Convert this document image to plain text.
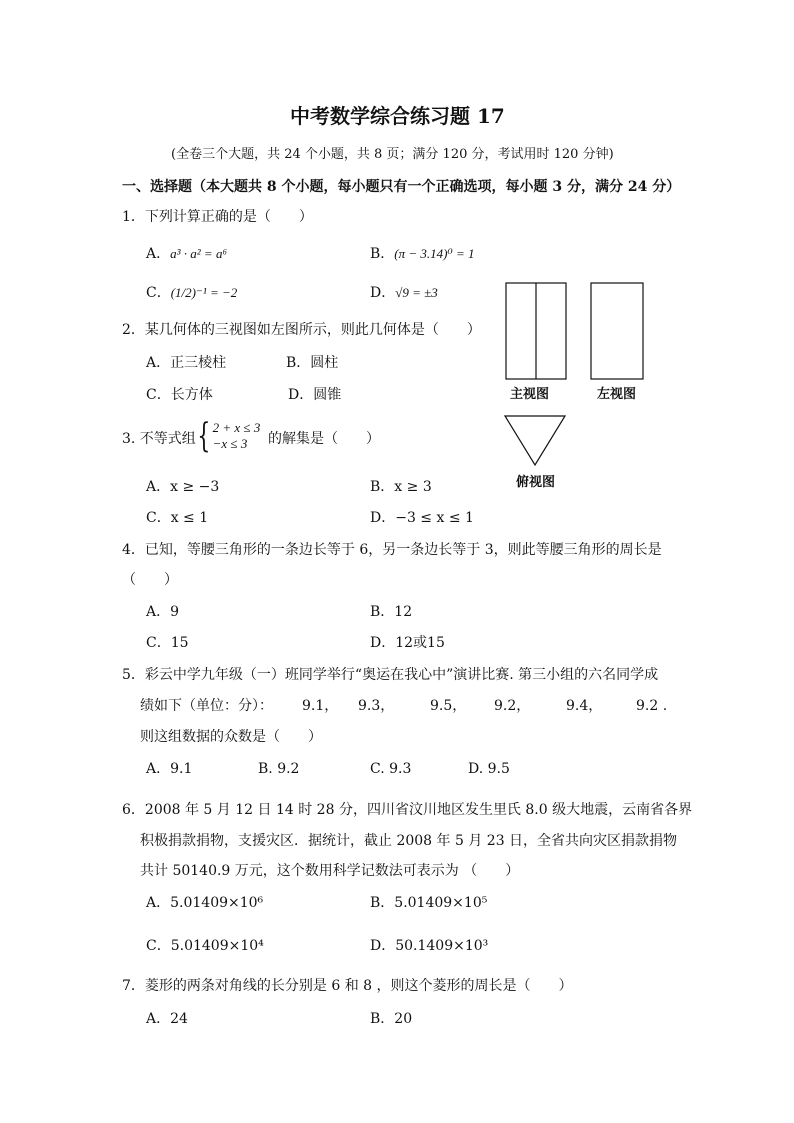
中考数学综合练习题 17
(全卷三个大题，共 24 个小题，共 8 页；满分 120 分，考试用时 120 分钟)
一、选择题（本大题共 8 个小题，每小题只有一个正确选项，每小题 3 分，满分 24 分）
1．下列计算正确的是（　　）
A．a³ · a² = a⁶	B．(π − 3.14)⁰ = 1
C．(1/2)⁻¹ = −2	D．√9 = ±3
主视图	左视图
俯视图
2．某几何体的三视图如左图所示，则此几何体是（　　）
A．正三棱柱	B．圆柱
C．长方体	D．圆锥
3. 不等式组 { 2 + x ≤ 3
−x ≤ 3	的解集是（　　）
A．x ≥ −3	B．x ≥ 3
C．x ≤ 1	D．−3 ≤ x ≤ 1
4．已知，等腰三角形的一条边长等于 6，另一条边长等于 3，则此等腰三角形的周长是
（　　）
A．9	B．12
C．15	D．12或15
5．彩云中学九年级（一）班同学举行“奥运在我心中”演讲比赛. 第三小组的六名同学成
绩如下（单位：分）： 9.1， 9.3，	9.5， 9.2，	9.4， 9.2 .
则这组数据的众数是（　　）
A．9.1	B. 9.2	C. 9.3	D. 9.5
6．2008 年 5 月 12 日 14 时 28 分，四川省汶川地区发生里氏 8.0 级大地震，云南省各界
积极捐款捐物，支援灾区．据统计，截止 2008 年 5 月 23 日，全省共向灾区捐款捐物
共计 50140.9 万元，这个数用科学记数法可表示为 （　　）
A．5.01409×10⁶	B．5.01409×10⁵
C．5.01409×10⁴	D．50.1409×10³
7．菱形的两条对角线的长分别是 6 和 8 ，则这个菱形的周长是（　　）
A．24	B．20
